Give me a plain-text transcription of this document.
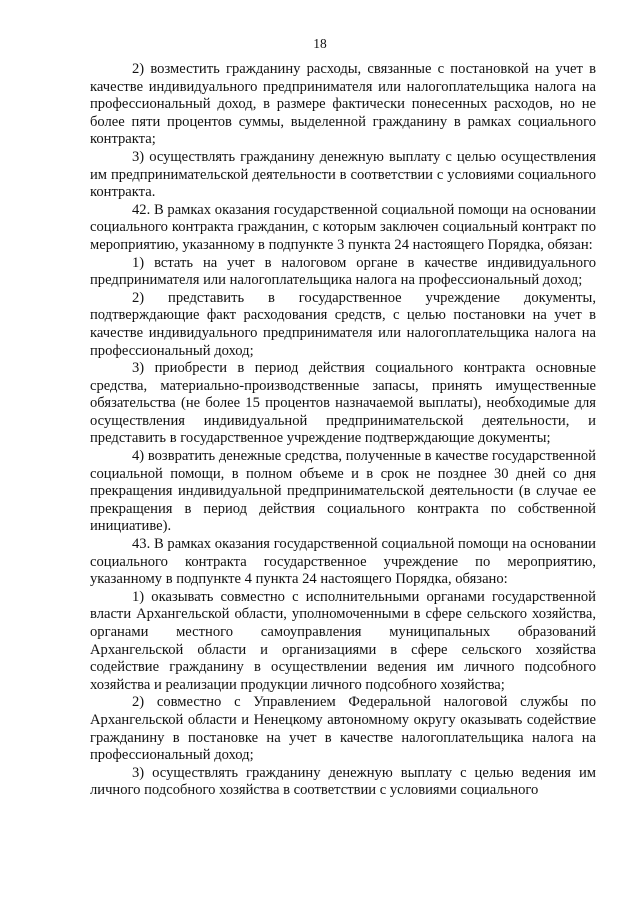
18

2) возместить гражданину расходы, связанные с постановкой на учет в качестве индивидуального предпринимателя или налогоплательщика налога на профессиональный доход, в размере фактически понесенных расходов, но не более пяти процентов суммы, выделенной гражданину в рамках социального контракта;

3) осуществлять гражданину денежную выплату с целью осуществления им предпринимательской деятельности в соответствии с условиями социального контракта.

42. В рамках оказания государственной социальной помощи на основании социального контракта гражданин, с которым заключен социальный контракт по мероприятию, указанному в подпункте 3 пункта 24 настоящего Порядка, обязан:

1) встать на учет в налоговом органе в качестве индивидуального предпринимателя или налогоплательщика налога на профессиональный доход;

2) представить в государственное учреждение документы, подтверждающие факт расходования средств, с целью постановки на учет в качестве индивидуального предпринимателя или налогоплательщика налога на профессиональный доход;

3) приобрести в период действия социального контракта основные средства, материально-производственные запасы, принять имущественные обязательства (не более 15 процентов назначаемой выплаты), необходимые для осуществления индивидуальной предпринимательской деятельности, и представить в государственное учреждение подтверждающие документы;

4) возвратить денежные средства, полученные в качестве государственной социальной помощи, в полном объеме и в срок не позднее 30 дней со дня прекращения индивидуальной предпринимательской деятельности (в случае ее прекращения в период действия социального контракта по собственной инициативе).

43. В рамках оказания государственной социальной помощи на основании социального контракта государственное учреждение по мероприятию, указанному в подпункте 4 пункта 24 настоящего Порядка, обязано:

1) оказывать совместно с исполнительными органами государственной власти Архангельской области, уполномоченными в сфере сельского хозяйства, органами местного самоуправления муниципальных образований Архангельской области и организациями в сфере сельского хозяйства содействие гражданину в осуществлении ведения им личного подсобного хозяйства и реализации продукции личного подсобного хозяйства;

2) совместно с Управлением Федеральной налоговой службы по Архангельской области и Ненецкому автономному округу оказывать содействие гражданину в постановке на учет в качестве налогоплательщика налога на профессиональный доход;

3) осуществлять гражданину денежную выплату с целью ведения им личного подсобного хозяйства в соответствии с условиями социального
